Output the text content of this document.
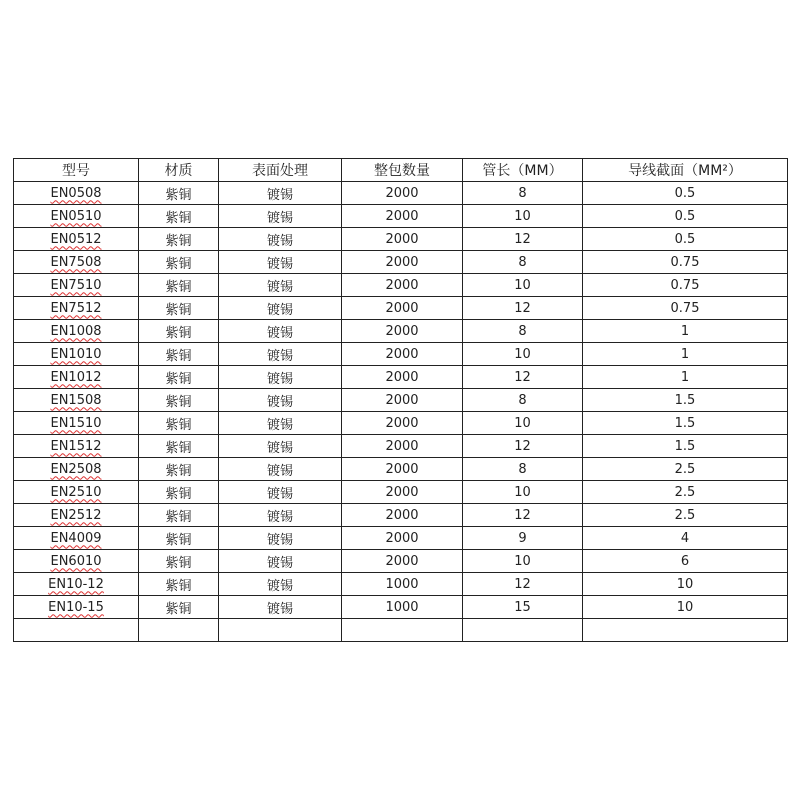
型号	材质	表面处理	整包数量	管长（MM）	导线截面（MM²）
EN0508	紫铜	镀锡	2000	8	0.5
EN0510	紫铜	镀锡	2000	10	0.5
EN0512	紫铜	镀锡	2000	12	0.5
EN7508	紫铜	镀锡	2000	8	0.75
EN7510	紫铜	镀锡	2000	10	0.75
EN7512	紫铜	镀锡	2000	12	0.75
EN1008	紫铜	镀锡	2000	8	1
EN1010	紫铜	镀锡	2000	10	1
EN1012	紫铜	镀锡	2000	12	1
EN1508	紫铜	镀锡	2000	8	1.5
EN1510	紫铜	镀锡	2000	10	1.5
EN1512	紫铜	镀锡	2000	12	1.5
EN2508	紫铜	镀锡	2000	8	2.5
EN2510	紫铜	镀锡	2000	10	2.5
EN2512	紫铜	镀锡	2000	12	2.5
EN4009	紫铜	镀锡	2000	9	4
EN6010	紫铜	镀锡	2000	10	6
EN10-12	紫铜	镀锡	1000	12	10
EN10-15	紫铜	镀锡	1000	15	10
